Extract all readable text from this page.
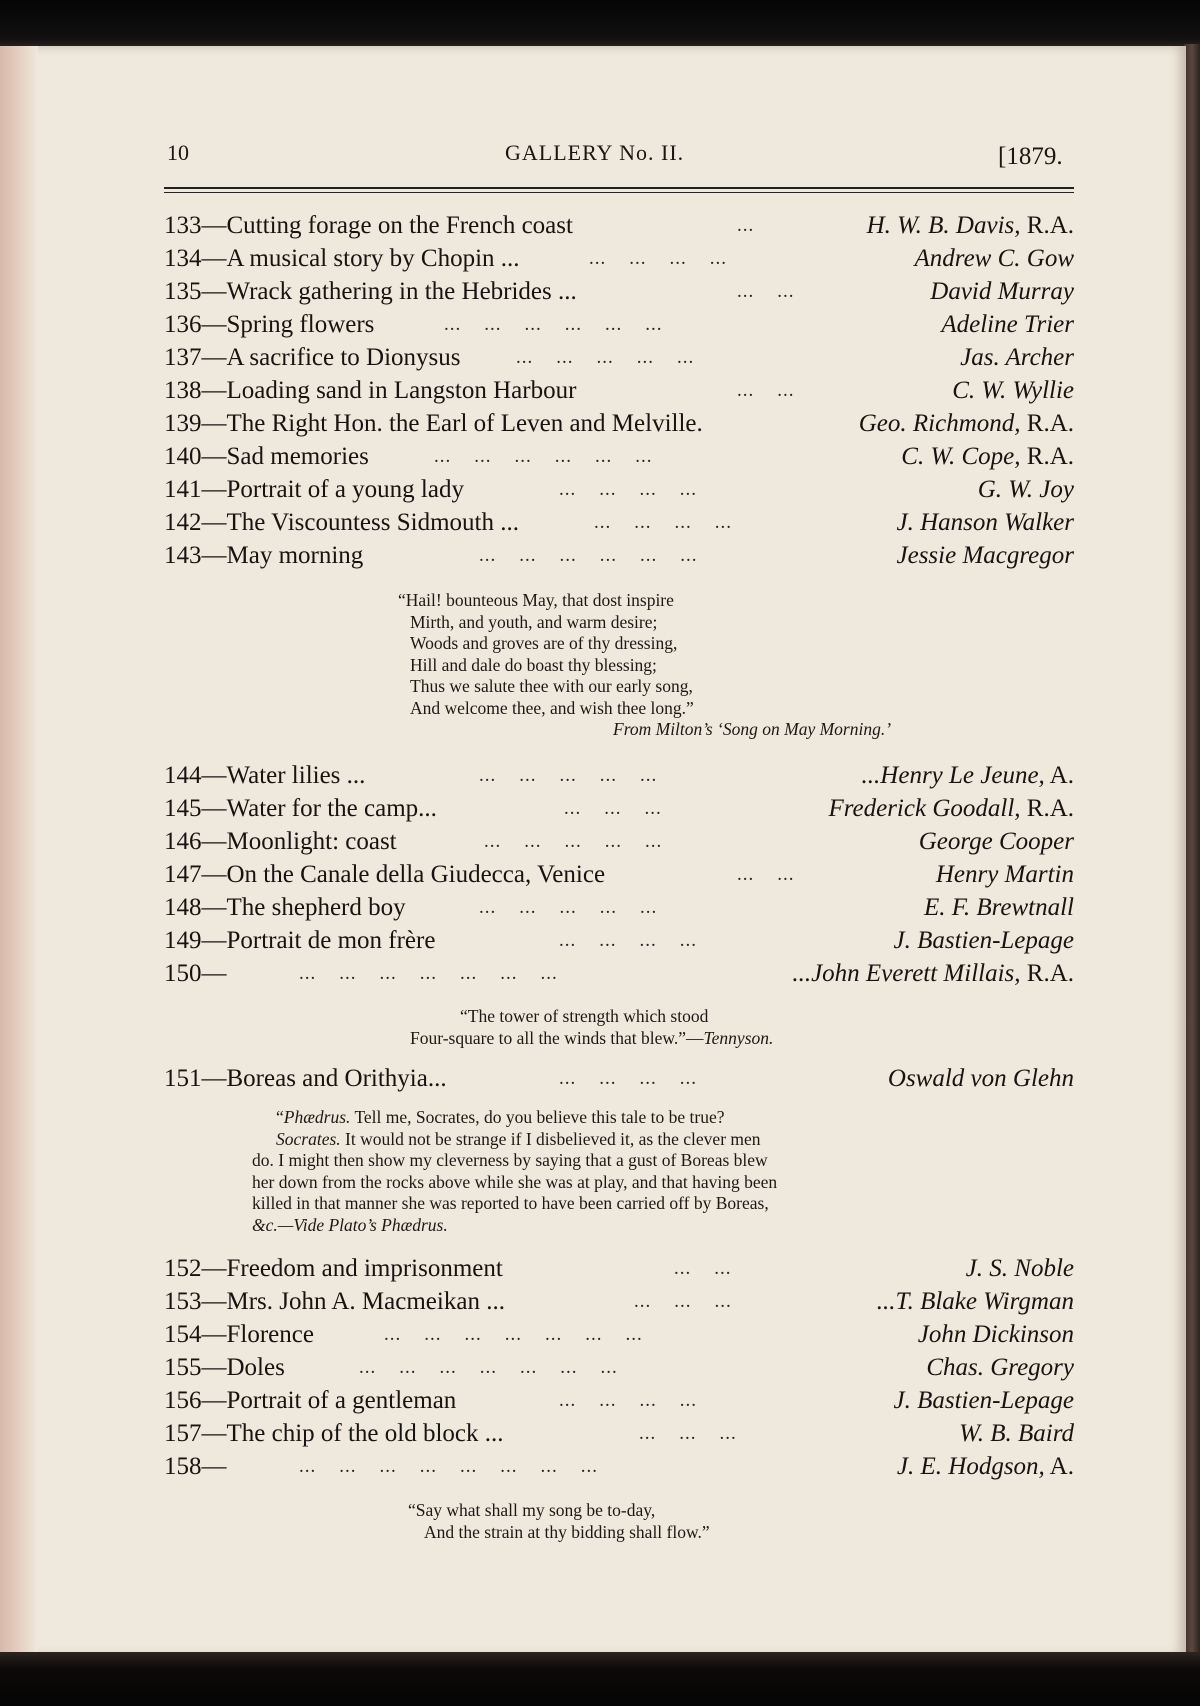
10	GALLERY No. II.	[1879.
133—Cutting forage on the French coast	...	H. W. B. Davis, R.A.
134—A musical story by Chopin ...	...    ...    ...    ...	Andrew C. Gow
135—Wrack gathering in the Hebrides ...	...    ...	David Murray
136—Spring flowers	...    ...    ...    ...    ...    ...	Adeline Trier
137—A sacrifice to Dionysus	...    ...    ...    ...    ...	Jas. Archer
138—Loading sand in Langston Harbour	...    ...	C. W. Wyllie
139—The Right Hon. the Earl of Leven and Melville.	Geo. Richmond, R.A.
140—Sad memories	...    ...    ...    ...    ...    ...	C. W. Cope, R.A.
141—Portrait of a young lady	...    ...    ...    ...	G. W. Joy
142—The Viscountess Sidmouth ...	...    ...    ...    ...	J. Hanson Walker
143—May morning	...    ...    ...    ...    ...    ...	Jessie Macgregor
“Hail! bounteous May, that dost inspire
Mirth, and youth, and warm desire;
Woods and groves are of thy dressing,
Hill and dale do boast thy blessing;
Thus we salute thee with our early song,
And welcome thee, and wish thee long.”
From Milton’s ‘Song on May Morning.’
144—Water lilies ...	...    ...    ...    ...    ...	...Henry Le Jeune, A.
145—Water for the camp...	...    ...    ...	Frederick Goodall, R.A.
146—Moonlight: coast	...    ...    ...    ...    ...	George Cooper
147—On the Canale della Giudecca, Venice	...    ...	Henry Martin
148—The shepherd boy	...    ...    ...    ...    ...	E. F. Brewtnall
149—Portrait de mon frère	...    ...    ...    ...	J. Bastien-Lepage
150—	...    ...    ...    ...    ...    ...    ...	...John Everett Millais, R.A.
“The tower of strength which stood
Four-square to all the winds that blew.”—Tennyson.
151—Boreas and Orithyia...	...    ...    ...    ...	Oswald von Glehn
“Phædrus. Tell me, Socrates, do you believe this tale to be true?
Socrates. It would not be strange if I disbelieved it, as the clever men
do. I might then show my cleverness by saying that a gust of Boreas blew
her down from the rocks above while she was at play, and that having been
killed in that manner she was reported to have been carried off by Boreas,
&c.—Vide Plato’s Phædrus.
152—Freedom and imprisonment	...    ...	J. S. Noble
153—Mrs. John A. Macmeikan ...	...    ...    ...	...T. Blake Wirgman
154—Florence	...    ...    ...    ...    ...    ...    ...	John Dickinson
155—Doles	...    ...    ...    ...    ...    ...    ...	Chas. Gregory
156—Portrait of a gentleman	...    ...    ...    ...	J. Bastien-Lepage
157—The chip of the old block ...	...    ...    ...	W. B. Baird
158—	...    ...    ...    ...    ...    ...    ...    ...	J. E. Hodgson, A.
“Say what shall my song be to-day,
And the strain at thy bidding shall flow.”
